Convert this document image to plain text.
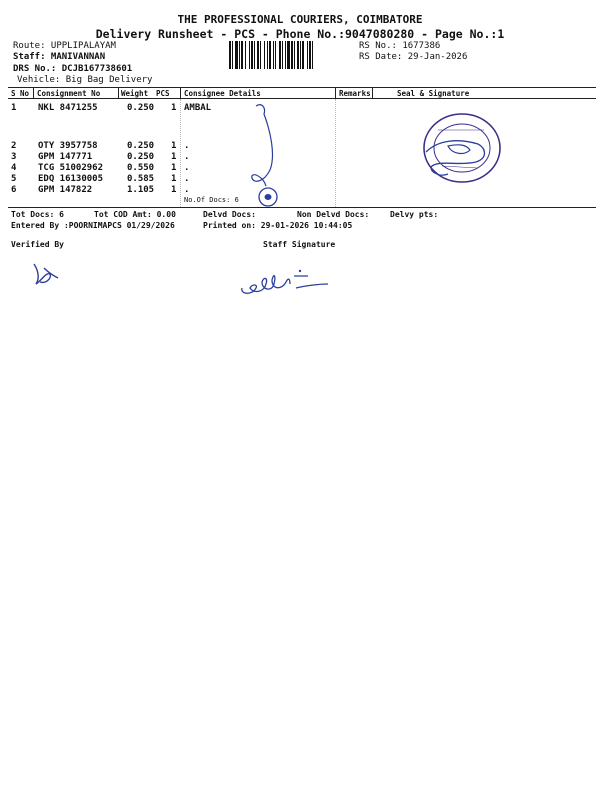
THE PROFESSIONAL COURIERS, COIMBATORE
Delivery Runsheet - PCS - Phone No.:9047080280 - Page No.:1
Route: UPPLIPALAYAM
Staff: MANIVANNAN
DRS No.: DCJB167738601
Vehicle: Big Bag Delivery
RS No.: 1677386
RS Date: 29-Jan-2026
S No Consignment No	Weight PCS Consignee Details	Remarks	Seal & Signature
1 NKL 8471255	0.250 1 AMBAL
2 OTY 3957758	0.250 1 .
3 GPM 147771	0.250 1 .
4 TCG 51002962	0.550 1 .
5 EDQ 16130005	0.585 1 .
6 GPM 147822	1.105 1 .
No.Of Docs: 6
Tot Docs: 6	Tot COD Amt: 0.00	Delvd Docs:	Non Delvd Docs:	Delvy pts:
Entered By :POORNIMAPCS 01/29/2026	Printed on: 29-01-2026 10:44:05
Verified By	Staff Signature
